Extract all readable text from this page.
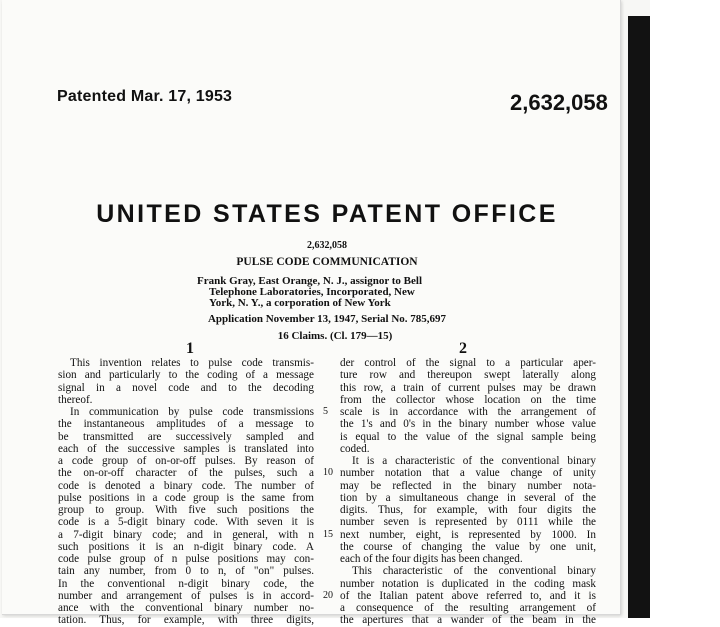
Patented Mar. 17, 1953	2,632,058
UNITED STATES PATENT OFFICE
2,632,058
PULSE CODE COMMUNICATION
Frank Gray, East Orange, N. J., assignor to Bell
Telephone Laboratories, Incorporated, New
York, N. Y., a corporation of New York
Application November 13, 1947, Serial No. 785,697
16 Claims. (Cl. 179—15)
1	2
This invention relates to pulse code transmis-
sion and particularly to the coding of a message
signal in a novel code and to the decoding
thereof.
In communication by pulse code transmissions
the instantaneous amplitudes of a message to
be transmitted are successively sampled and
each of the successive samples is translated into
a code group of on-or-off pulses. By reason of
the on-or-off character of the pulses, such a
code is denoted a binary code. The number of
pulse positions in a code group is the same from
group to group. With five such positions the
code is a 5-digit binary code. With seven it is
a 7-digit binary code; and in general, with n
such positions it is an n-digit binary code. A
code pulse group of n pulse positions may con-
tain any number, from 0 to n, of "on" pulses.
In the conventional n-digit binary code, the
number and arrangement of pulses is in accord-
ance with the conventional binary number no-
tation. Thus, for example, with three digits,
5
10
15
20
der control of the signal to a particular aper-
ture row and thereupon swept laterally along
this row, a train of current pulses may be drawn
from the collector whose location on the time
scale is in accordance with the arrangement of
the 1's and 0's in the binary number whose value
is equal to the value of the signal sample being
coded.
It is a characteristic of the conventional binary
number notation that a value change of unity
may be reflected in the binary number nota-
tion by a simultaneous change in several of the
digits. Thus, for example, with four digits the
number seven is represented by 0111 while the
next number, eight, is represented by 1000. In
the course of changing the value by one unit,
each of the four digits has been changed.
This characteristic of the conventional binary
number notation is duplicated in the coding mask
of the Italian patent above referred to, and it is
a consequence of the resulting arrangement of
the apertures that a wander of the beam in the
